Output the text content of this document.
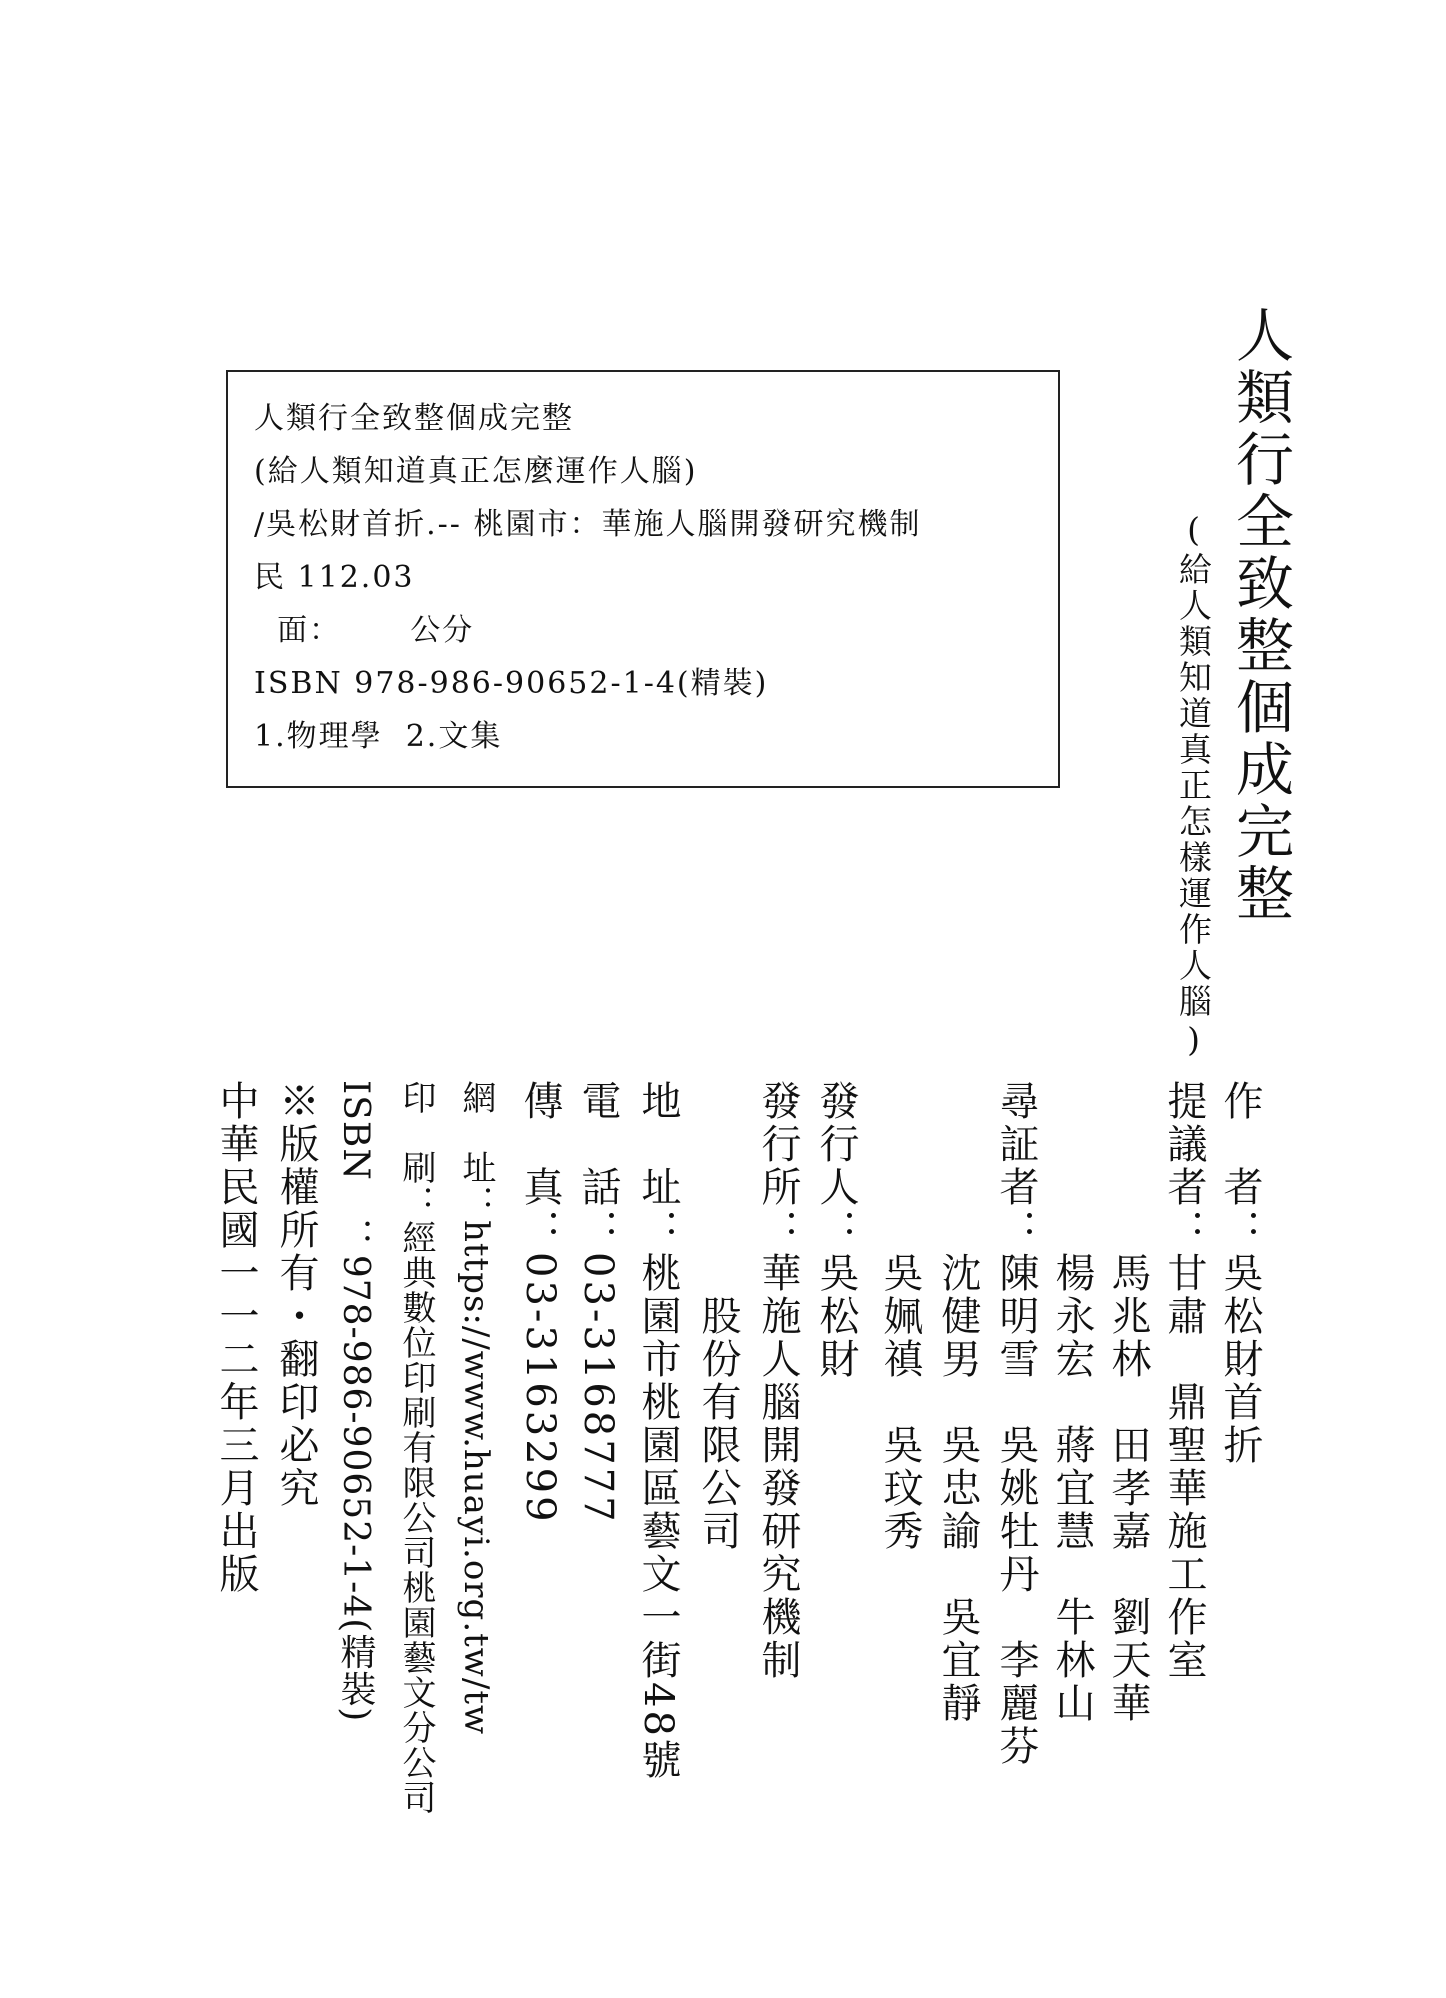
人類行全致整個成完整
(給人類知道真正怎麼運作人腦)
/吳松財首折.-- 桃園市：華施人腦開發研究機制
民 112.03
面：      公分
ISBN 978-986-90652-1-4(精裝)
1.物理學  2.文集	人類行全致整個成完整
(給人類知道真正怎樣運作人腦)
作　者：吳松財首折
提議者：甘肅　鼎聖華施工作室
　　　　馬兆林　田孝嘉　劉天華
　　　　楊永宏　蔣宜慧　牛林山
尋証者：陳明雪　吳姚牡丹　李麗芬
　　　　沈健男　吳忠諭　吳宜靜
　　　　吳姵禛　吳玟秀
發行人：吳松財
發行所：華施人腦開發研究機制
　　　　　股份有限公司
地　址：桃園市桃園區藝文一街48號
電　話：03-3168777
傳　真：03-3163299
網　址：https://www.huayi.org.tw/tw
印　刷：經典數位印刷有限公司桃園藝文分公司
ISBN　：978-986-90652-1-4(精裝)
※版權所有・翻印必究
中華民國一一二年三月出版
